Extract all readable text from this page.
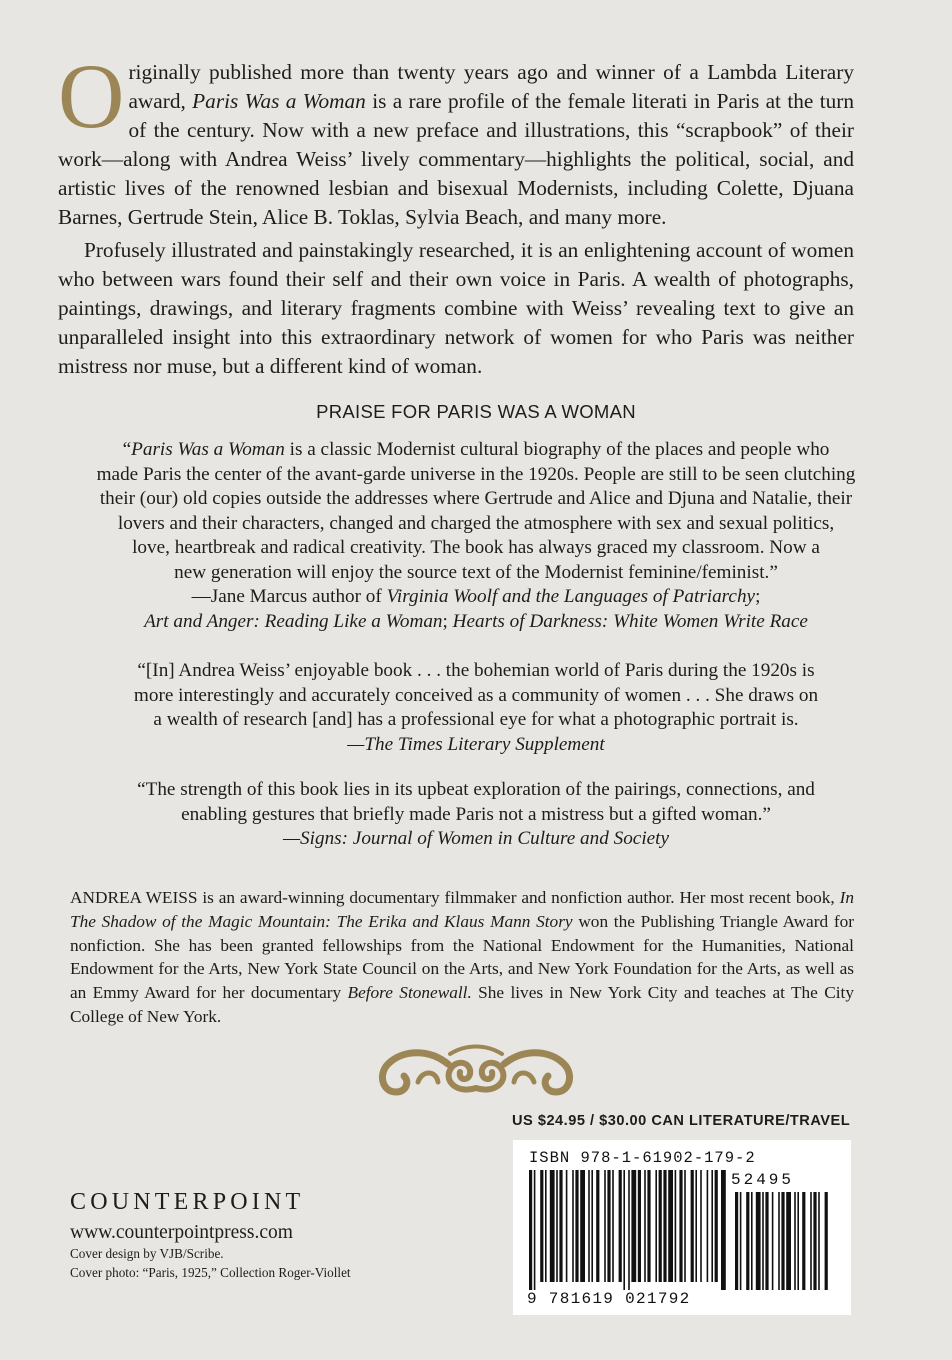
Originally published more than twenty years ago and winner of a Lambda Literary award, Paris Was a Woman is a rare profile of the female literati in Paris at the turn of the century. Now with a new preface and illustrations, this “scrapbook” of their work—along with Andrea Weiss’ lively commentary—highlights the political, social, and artistic lives of the renowned lesbian and bisexual Modernists, including Colette, Djuana Barnes, Gertrude Stein, Alice B. Toklas, Sylvia Beach, and many more.

Profusely illustrated and painstakingly researched, it is an enlightening account of women who between wars found their self and their own voice in Paris. A wealth of photographs, paintings, drawings, and literary fragments combine with Weiss’ revealing text to give an unparalleled insight into this extraordinary network of women for who Paris was neither mistress nor muse, but a different kind of woman.

PRAISE FOR PARIS WAS A WOMAN

“Paris Was a Woman is a classic Modernist cultural biography of the places and people who

made Paris the center of the avant-garde universe in the 1920s. People are still to be seen clutching

their (our) old copies outside the addresses where Gertrude and Alice and Djuna and Natalie, their

lovers and their characters, changed and charged the atmosphere with sex and sexual politics,

love, heartbreak and radical creativity. The book has always graced my classroom. Now a

new generation will enjoy the source text of the Modernist feminine/feminist.”

—Jane Marcus author of Virginia Woolf and the Languages of Patriarchy;

Art and Anger: Reading Like a Woman; Hearts of Darkness: White Women Write Race

“[In] Andrea Weiss’ enjoyable book . . . the bohemian world of Paris during the 1920s is

more interestingly and accurately conceived as a community of women . . . She draws on

a wealth of research [and] has a professional eye for what a photographic portrait is.

—The Times Literary Supplement

“The strength of this book lies in its upbeat exploration of the pairings, connections, and

enabling gestures that briefly made Paris not a mistress but a gifted woman.”

—Signs: Journal of Women in Culture and Society

ANDREA WEISS is an award-winning documentary filmmaker and nonfiction author. Her most recent book, In The Shadow of the Magic Mountain: The Erika and Klaus Mann Story won the Publishing Triangle Award for nonfiction. She has been granted fellowships from the National Endowment for the Humanities, National Endowment for the Arts, New York State Council on the Arts, and New York Foundation for the Arts, as well as an Emmy Award for her documentary Before Stonewall. She lives in New York City and teaches at The City College of New York.

US $24.95 / $30.00 CAN LITERATURE/TRAVEL
ISBN 978-1-61902-179-2
52495
9 781619 021792
COUNTERPOINT
www.counterpointpress.com
Cover design by VJB/Scribe.
Cover photo: “Paris, 1925,” Collection Roger-Viollet
